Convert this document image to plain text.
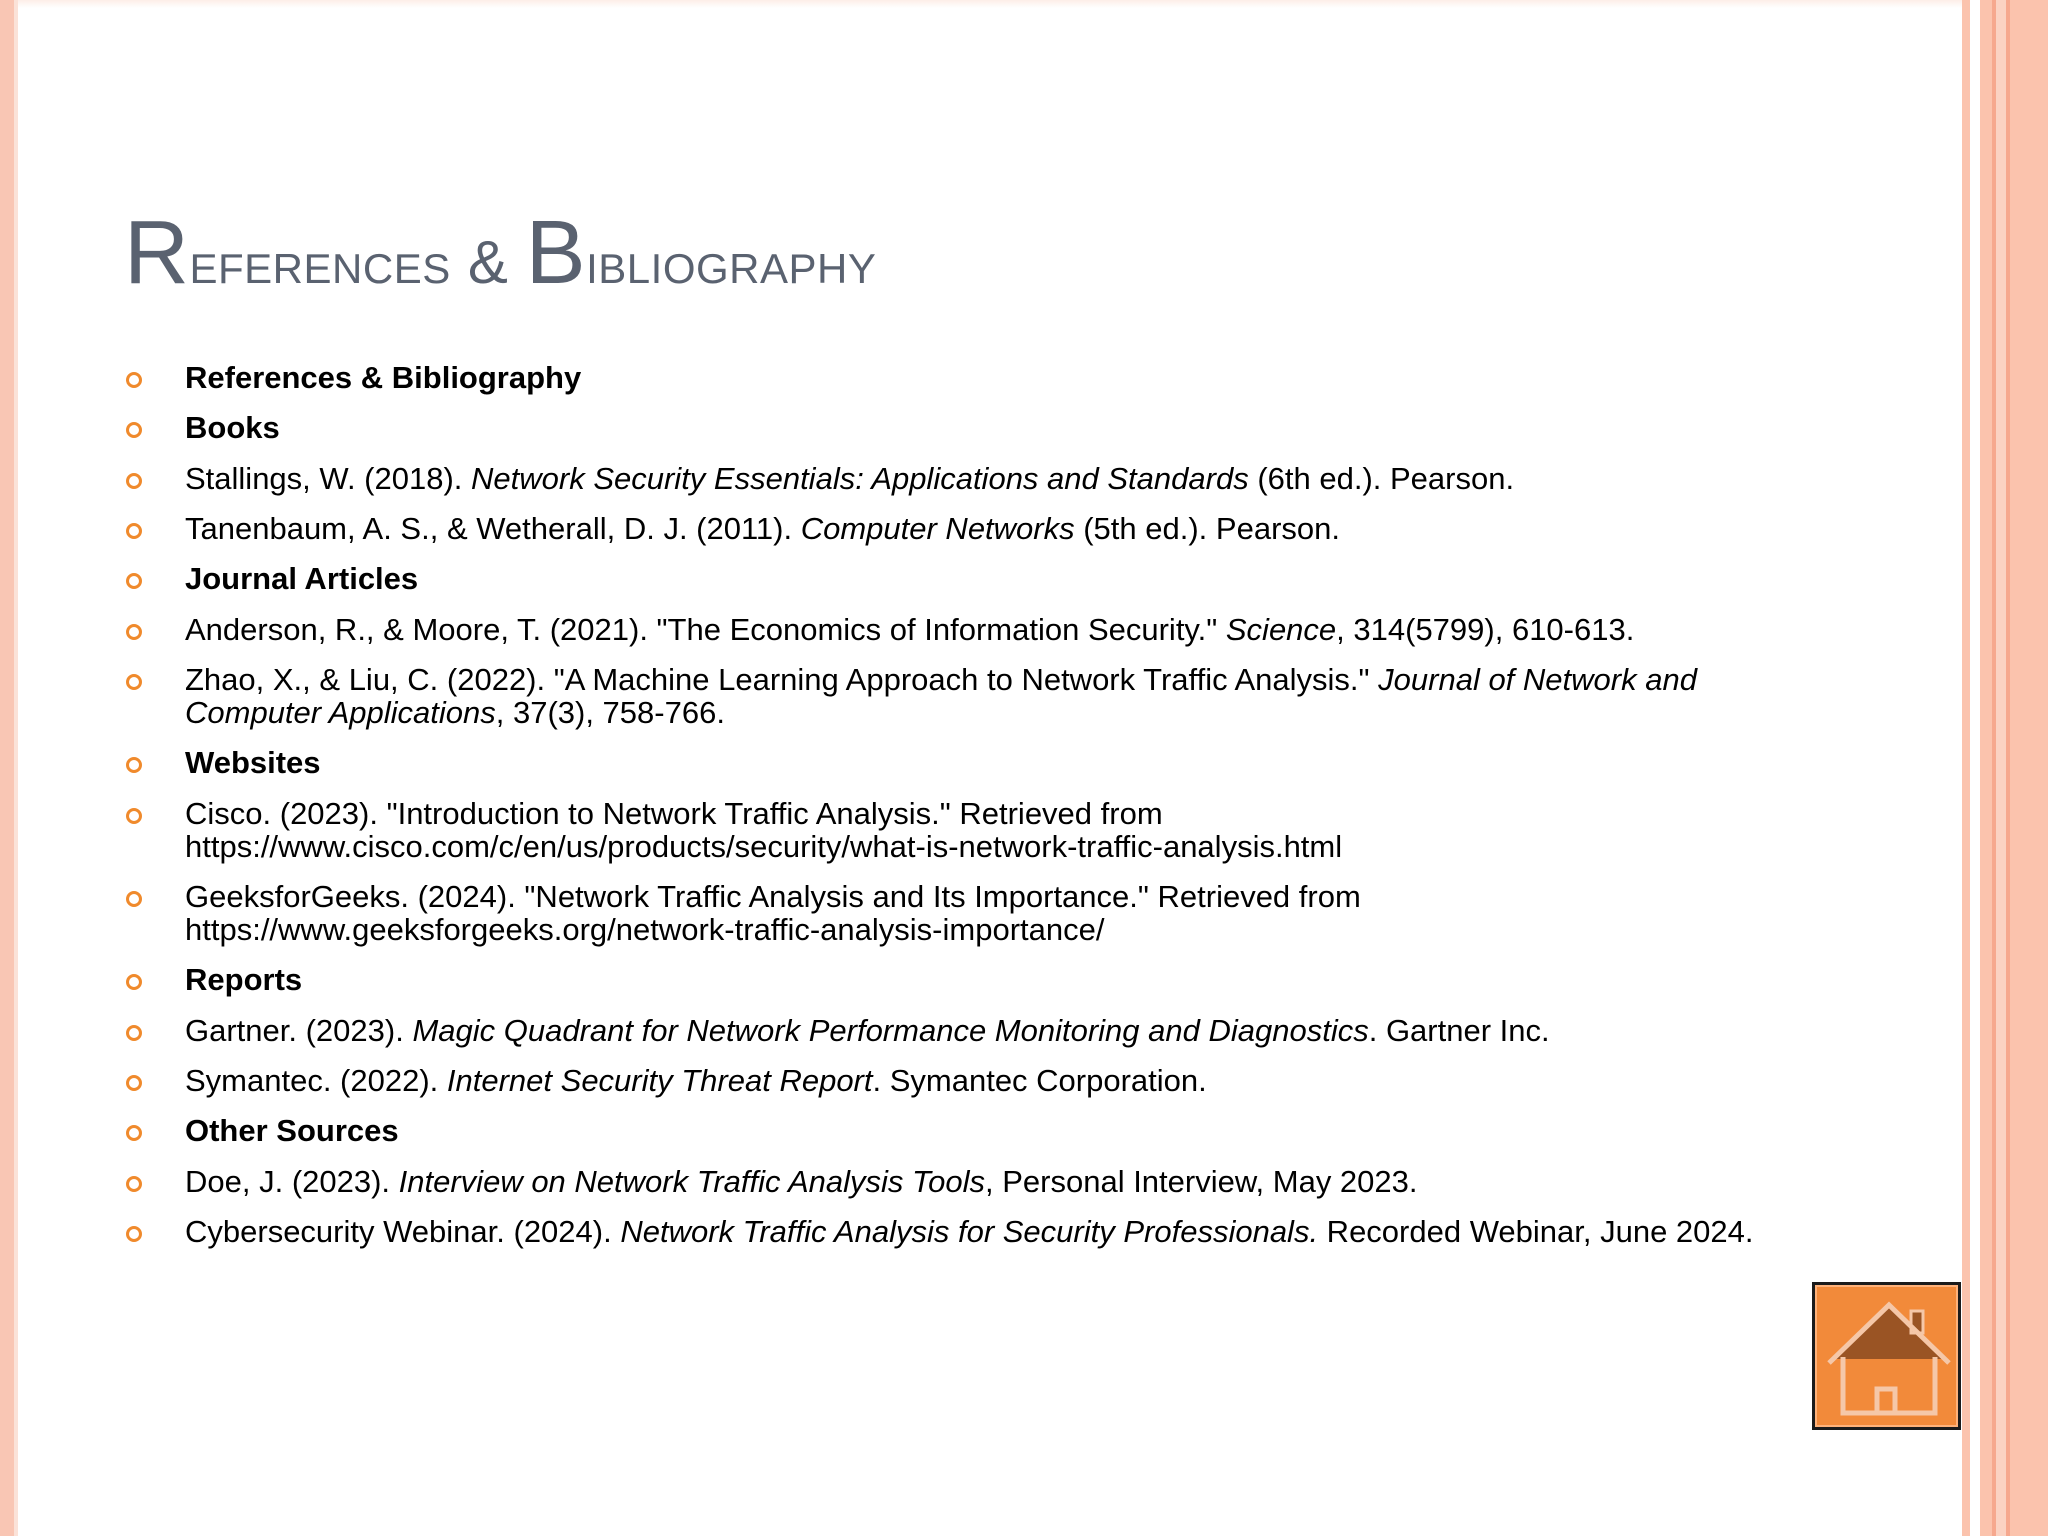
References & Bibliography
References & Bibliography
Books
Stallings, W. (2018). Network Security Essentials: Applications and Standards (6th ed.). Pearson.
Tanenbaum, A. S., & Wetherall, D. J. (2011). Computer Networks (5th ed.). Pearson.
Journal Articles
Anderson, R., & Moore, T. (2021). "The Economics of Information Security." Science, 314(5799), 610-613.
Zhao, X., & Liu, C. (2022). "A Machine Learning Approach to Network Traffic Analysis." Journal of Network and Computer Applications, 37(3), 758-766.
Websites
Cisco. (2023). "Introduction to Network Traffic Analysis." Retrieved from
https://www.cisco.com/c/en/us/products/security/what-is-network-traffic-analysis.html
GeeksforGeeks. (2024). "Network Traffic Analysis and Its Importance." Retrieved from
https://www.geeksforgeeks.org/network-traffic-analysis-importance/
Reports
Gartner. (2023). Magic Quadrant for Network Performance Monitoring and Diagnostics. Gartner Inc.
Symantec. (2022). Internet Security Threat Report. Symantec Corporation.
Other Sources
Doe, J. (2023). Interview on Network Traffic Analysis Tools, Personal Interview, May 2023.
Cybersecurity Webinar. (2024). Network Traffic Analysis for Security Professionals. Recorded Webinar, June 2024.
